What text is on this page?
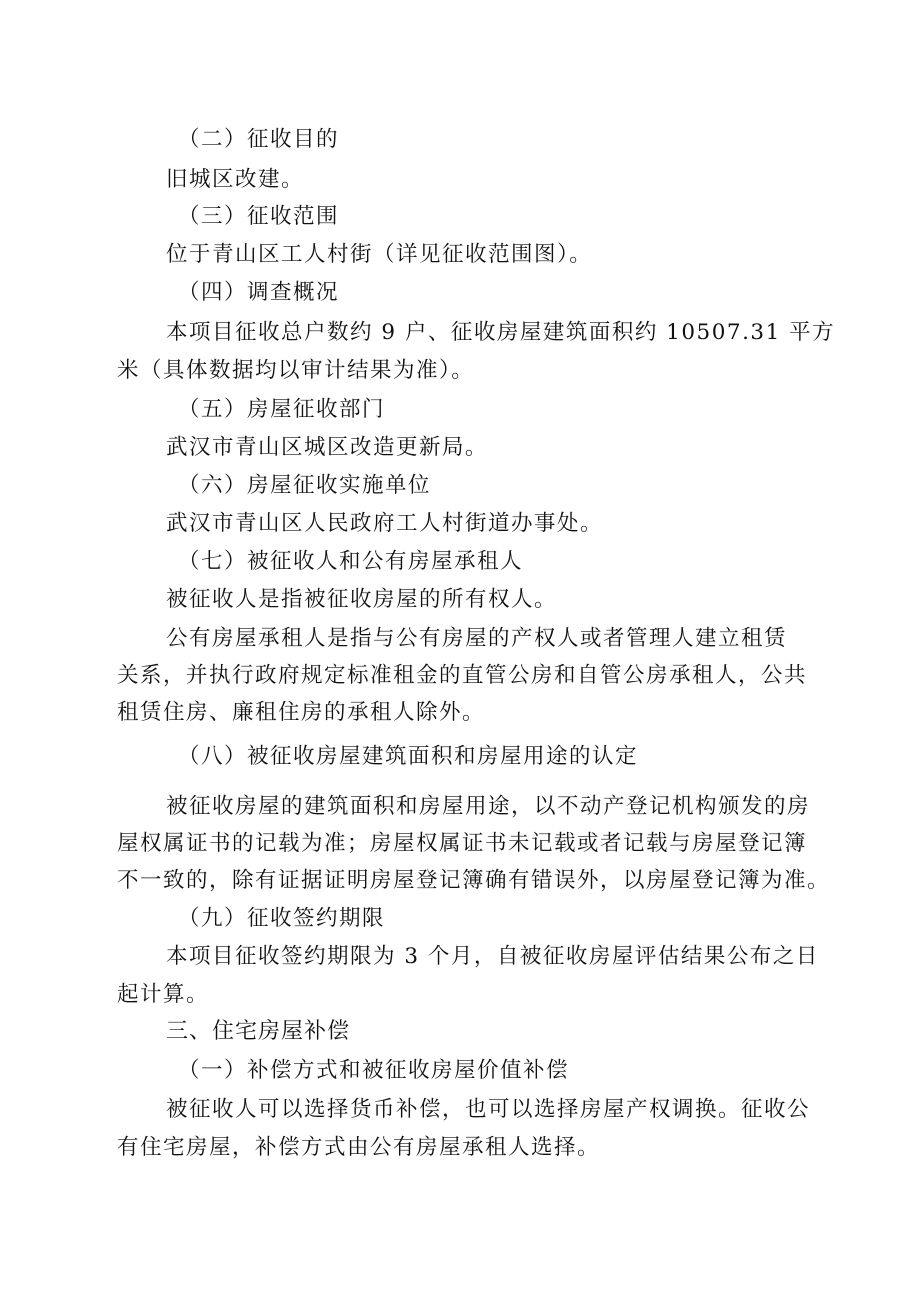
（二）征收目的
旧城区改建。
（三）征收范围
位于青山区工人村街（详见征收范围图）。
（四）调查概况
本项目征收总户数约 9 户、征收房屋建筑面积约 10507.31 平方
米（具体数据均以审计结果为准）。
（五）房屋征收部门
武汉市青山区城区改造更新局。
（六）房屋征收实施单位
武汉市青山区人民政府工人村街道办事处。
（七）被征收人和公有房屋承租人
被征收人是指被征收房屋的所有权人。
公有房屋承租人是指与公有房屋的产权人或者管理人建立租赁
关系，并执行政府规定标准租金的直管公房和自管公房承租人，公共
租赁住房、廉租住房的承租人除外。
（八）被征收房屋建筑面积和房屋用途的认定
被征收房屋的建筑面积和房屋用途，以不动产登记机构颁发的房
屋权属证书的记载为准；房屋权属证书未记载或者记载与房屋登记簿
不一致的，除有证据证明房屋登记簿确有错误外，以房屋登记簿为准。
（九）征收签约期限
本项目征收签约期限为 3 个月，自被征收房屋评估结果公布之日
起计算。
三、住宅房屋补偿
（一）补偿方式和被征收房屋价值补偿
被征收人可以选择货币补偿，也可以选择房屋产权调换。征收公
有住宅房屋，补偿方式由公有房屋承租人选择。
